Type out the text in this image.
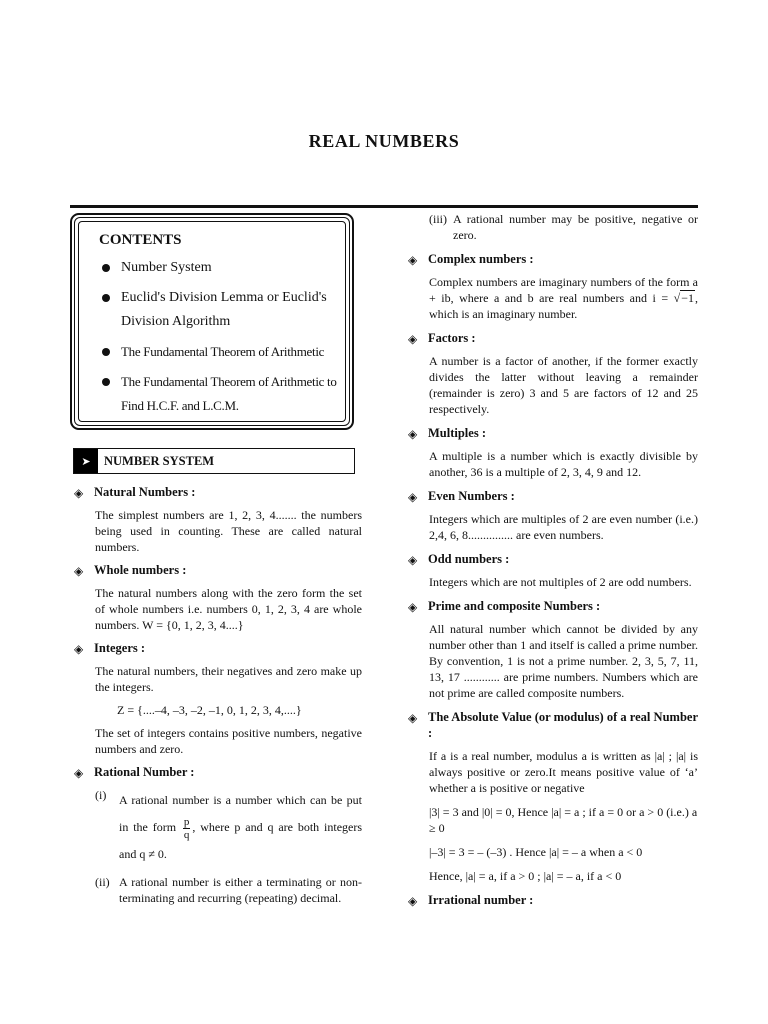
REAL NUMBERS
CONTENTS
Number System
Euclid's Division Lemma or Euclid's Division Algorithm
The Fundamental Theorem of Arithmetic
The Fundamental Theorem of Arithmetic to Find H.C.F. and L.C.M.
➤	NUMBER SYSTEM
◈ Natural Numbers :
The simplest numbers are 1, 2, 3, 4....... the numbers being used in counting. These are called natural numbers.
◈ Whole numbers :
The natural numbers along with the zero form the set of whole numbers i.e. numbers 0, 1, 2, 3, 4 are whole numbers. W = {0, 1, 2, 3, 4....}
◈ Integers :
The natural numbers, their negatives and zero make up the integers.
Z = {....–4, –3, –2, –1, 0, 1, 2, 3, 4,....}
The set of integers contains positive numbers, negative numbers and zero.
◈ Rational Number :
(i) A rational number is a number which can be put in the form $\frac{p}{q}$ , where p and q are both integers and q ≠ 0.
(ii) A rational number is either a terminating or non-terminating and recurring (repeating) decimal.
(iii) A rational number may be positive, negative or zero.
◈ Complex numbers :
Complex numbers are imaginary numbers of the form a + ib, where a and b are real numbers and i = √−1, which is an imaginary number.
◈ Factors :
A number is a factor of another, if the former exactly divides the latter without leaving a remainder (remainder is zero) 3 and 5 are factors of 12 and 25 respectively.
◈ Multiples :
A multiple is a number which is exactly divisible by another, 36 is a multiple of 2, 3, 4, 9 and 12.
◈ Even Numbers :
Integers which are multiples of 2 are even number (i.e.) 2,4, 6, 8............... are even numbers.
◈ Odd numbers :
Integers which are not multiples of 2 are odd numbers.
◈ Prime and composite Numbers :
All natural number which cannot be divided by any number other than 1 and itself is called a prime number. By convention, 1 is not a prime number. 2, 3, 5, 7, 11, 13, 17 ............ are prime numbers. Numbers which are not prime are called composite numbers.
◈ The Absolute Value (or modulus) of a real Number :
If a is a real number, modulus a is written as |a| ; |a| is always positive or zero.It means positive value of ‘a’ whether a is positive or negative
|3| = 3 and |0| = 0, Hence |a| = a ; if a = 0 or a > 0 (i.e.) a ≥ 0
|–3| = 3 = – (–3) . Hence |a| = – a when a < 0
Hence, |a| = a, if a > 0 ; |a| = – a, if a < 0
◈ Irrational number :
